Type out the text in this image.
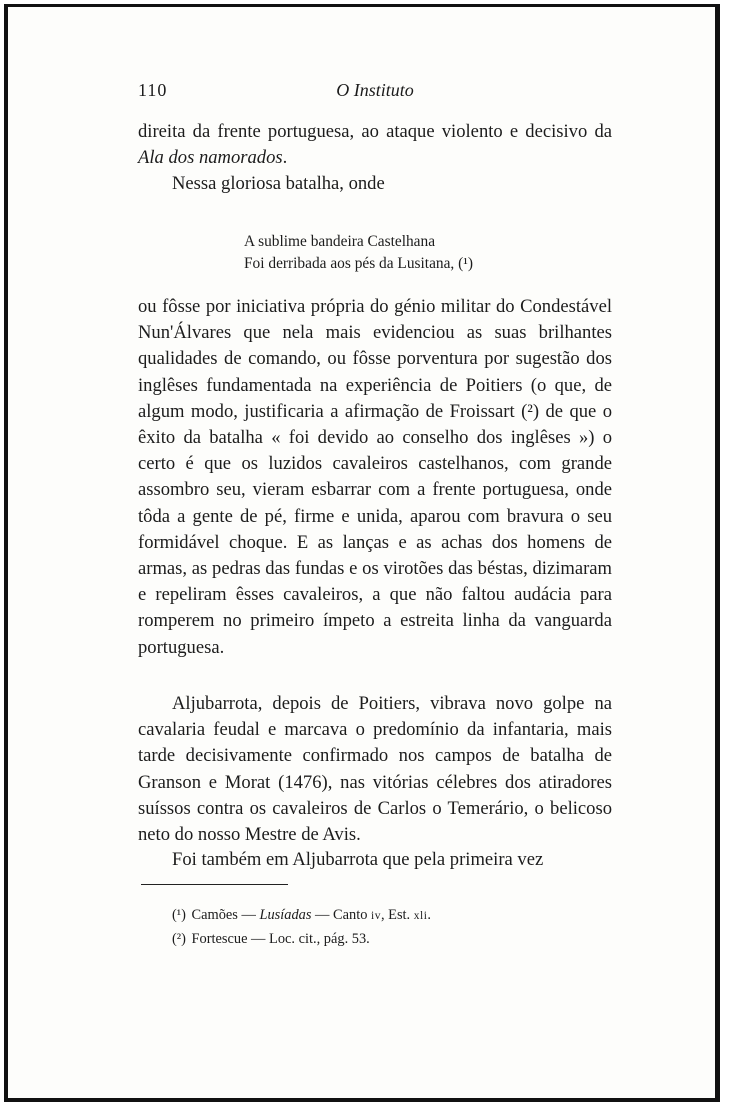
110	O Instituto

direita da frente portuguesa, ao ataque violento e decisivo da Ala dos namorados.

Nessa gloriosa batalha, onde

A sublime bandeira Castelhana
Foi derribada aos pés da Lusitana, (¹)

ou fôsse por iniciativa própria do génio militar do Condestável Nun'Álvares que nela mais evidenciou as suas brilhantes qualidades de comando, ou fôsse porventura por sugestão dos inglêses fundamentada na experiência de Poitiers (o que, de algum modo, justificaria a afirmação de Froissart (²) de que o êxito da batalha « foi devido ao conselho dos inglêses ») o certo é que os luzidos cavaleiros castelhanos, com grande assombro seu, vieram esbarrar com a frente portuguesa, onde tôda a gente de pé, firme e unida, aparou com bravura o seu formidável choque. E as lanças e as achas dos homens de armas, as pedras das fundas e os virotões das béstas, dizimaram e repeliram êsses cavaleiros, a que não faltou audácia para romperem no primeiro ímpeto a estreita linha da vanguarda portuguesa.

Aljubarrota, depois de Poitiers, vibrava novo golpe na cavalaria feudal e marcava o predomínio da infantaria, mais tarde decisivamente confirmado nos campos de batalha de Granson e Morat (1476), nas vitórias célebres dos atiradores suíssos contra os cavaleiros de Carlos o Temerário, o belicoso neto do nosso Mestre de Avis.

Foi também em Aljubarrota que pela primeira vez

(¹) Camões — Lusíadas — Canto iv, Est. xli.
(²) Fortescue — Loc. cit., pág. 53.
